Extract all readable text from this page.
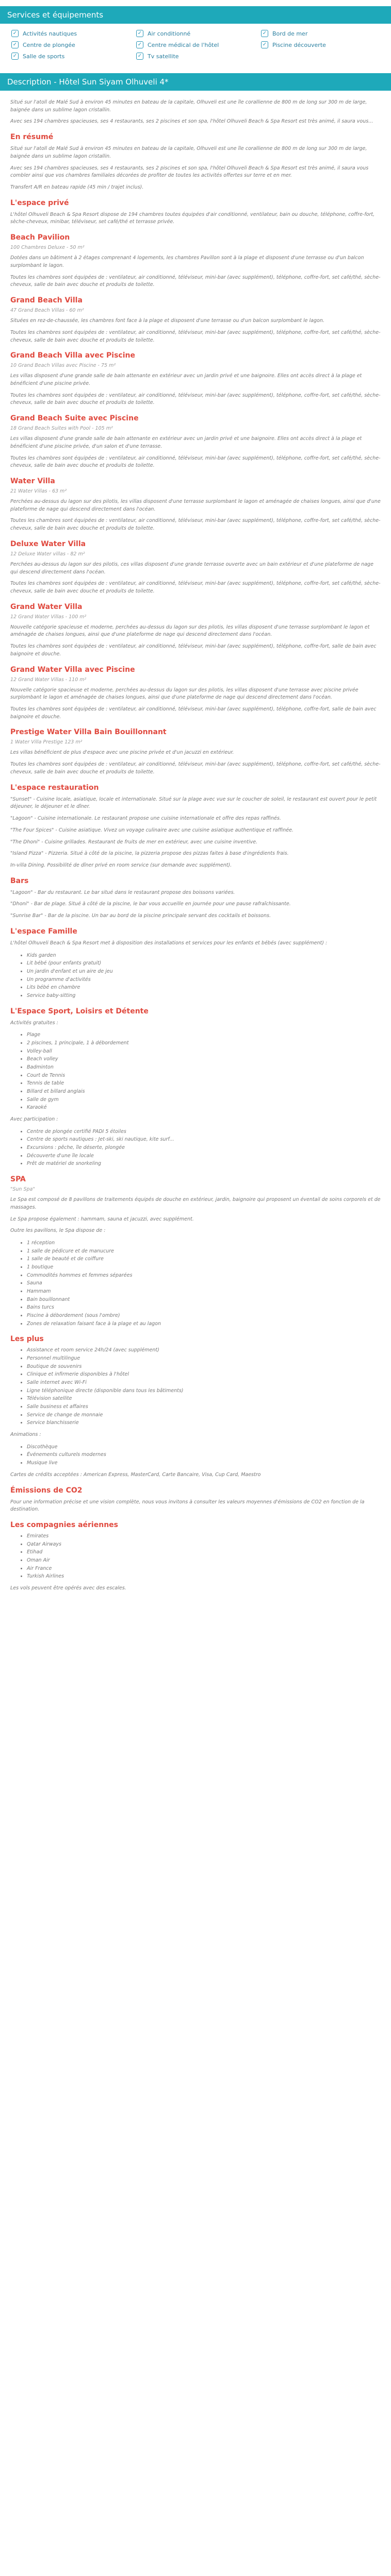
Services et équipements
✓ Activités nautiques	✓ Air conditionné	✓ Bord de mer
✓ Centre de plongée	✓ Centre médical de l'hôtel	✓ Piscine découverte
✓ Salle de sports	✓ Tv satellite
Description - Hôtel Sun Siyam Olhuveli 4*

Situé sur l'atoll de Malé Sud à environ 45 minutes en bateau de la capitale, Olhuveli est une île corallienne de 800 m de long sur 300 m de large, baignée dans un sublime lagon cristallin.

Avec ses 194 chambres spacieuses, ses 4 restaurants, ses 2 piscines et son spa, l'hôtel Olhuveli Beach & Spa Resort est très animé, il saura vous...

En résumé

Situé sur l'atoll de Malé Sud à environ 45 minutes en bateau de la capitale, Olhuveli est une île corallienne de 800 m de long sur 300 m de large, baignée dans un sublime lagon cristallin.

Avec ses 194 chambres spacieuses, ses 4 restaurants, ses 2 piscines et son spa, l'hôtel Olhuveli Beach & Spa Resort est très animé, il saura vous combler ainsi que vos chambres familiales décorées de profiter de toutes les activités offertes sur terre et en mer.

Transfert A/R en bateau rapide (45 min / trajet inclus).

L'espace privé

L'hôtel Olhuveli Beach & Spa Resort dispose de 194 chambres toutes équipées d'air conditionné, ventilateur, bain ou douche, téléphone, coffre-fort, sèche-cheveux, minibar, téléviseur, set café/thé et terrasse privée.

Beach Pavilion
100 Chambres Deluxe - 50 m²

Dotées dans un bâtiment à 2 étages comprenant 4 logements, les chambres Pavillon sont à la plage et disposent d'une terrasse ou d'un balcon surplombant le lagon.

Toutes les chambres sont équipées de : ventilateur, air conditionné, téléviseur, mini-bar (avec supplément), téléphone, coffre-fort, set café/thé, sèche-cheveux, salle de bain avec douche et produits de toilette.

Grand Beach Villa
47 Grand Beach Villas - 60 m²

Situées en rez-de-chaussée, les chambres font face à la plage et disposent d'une terrasse ou d'un balcon surplombant le lagon.

Toutes les chambres sont équipées de : ventilateur, air conditionné, téléviseur, mini-bar (avec supplément), téléphone, coffre-fort, set café/thé, sèche-cheveux, salle de bain avec douche et produits de toilette.

Grand Beach Villa avec Piscine
10 Grand Beach Villas avec Piscine - 75 m²

Les villas disposent d'une grande salle de bain attenante en extérieur avec un jardin privé et une baignoire. Elles ont accès direct à la plage et bénéficient d'une piscine privée.

Toutes les chambres sont équipées de : ventilateur, air conditionné, téléviseur, mini-bar (avec supplément), téléphone, coffre-fort, set café/thé, sèche-cheveux, salle de bain avec douche et produits de toilette.

Grand Beach Suite avec Piscine
18 Grand Beach Suites with Pool - 105 m²

Les villas disposent d'une grande salle de bain attenante en extérieur avec un jardin privé et une baignoire. Elles ont accès direct à la plage et bénéficient d'une piscine privée, d'un salon et d'une terrasse.

Toutes les chambres sont équipées de : ventilateur, air conditionné, téléviseur, mini-bar (avec supplément), téléphone, coffre-fort, set café/thé, sèche-cheveux, salle de bain avec douche et produits de toilette.

Water Villa
21 Water Villas - 63 m²

Perchées au-dessus du lagon sur des pilotis, les villas disposent d'une terrasse surplombant le lagon et aménagée de chaises longues, ainsi que d'une plateforme de nage qui descend directement dans l'océan.

Toutes les chambres sont équipées de : ventilateur, air conditionné, téléviseur, mini-bar (avec supplément), téléphone, coffre-fort, set café/thé, sèche-cheveux, salle de bain avec douche et produits de toilette.

Deluxe Water Villa
12 Deluxe Water villas - 82 m²

Perchées au-dessus du lagon sur des pilotis, ces villas disposent d'une grande terrasse ouverte avec un bain extérieur et d'une plateforme de nage qui descend directement dans l'océan.

Toutes les chambres sont équipées de : ventilateur, air conditionné, téléviseur, mini-bar (avec supplément), téléphone, coffre-fort, set café/thé, sèche-cheveux, salle de bain avec douche et produits de toilette.

Grand Water Villa
12 Grand Water Villas - 100 m²

Nouvelle catégorie spacieuse et moderne, perchées au-dessus du lagon sur des pilotis, les villas disposent d'une terrasse surplombant le lagon et aménagée de chaises longues, ainsi que d'une plateforme de nage qui descend directement dans l'océan.

Toutes les chambres sont équipées de : ventilateur, air conditionné, téléviseur, mini-bar (avec supplément), téléphone, coffre-fort, salle de bain avec baignoire et douche.

Grand Water Villa avec Piscine
12 Grand Water Villas - 110 m²

Nouvelle catégorie spacieuse et moderne, perchées au-dessus du lagon sur des pilotis, les villas disposent d'une terrasse avec piscine privée surplombant le lagon et aménagée de chaises longues, ainsi que d'une plateforme de nage qui descend directement dans l'océan.

Toutes les chambres sont équipées de : ventilateur, air conditionné, téléviseur, mini-bar (avec supplément), téléphone, coffre-fort, salle de bain avec baignoire et douche.

Prestige Water Villa Bain Bouillonnant
1 Water Villa Prestige 123 m²

Les villas bénéficient de plus d'espace avec une piscine privée et d'un jacuzzi en extérieur.

Toutes les chambres sont équipées de : ventilateur, air conditionné, téléviseur, mini-bar (avec supplément), téléphone, coffre-fort, set café/thé, sèche-cheveux, salle de bain avec douche et produits de toilette.

L'espace restauration

"Sunset" - Cuisine locale, asiatique, locale et internationale. Situé sur la plage avec vue sur le coucher de soleil, le restaurant est ouvert pour le petit déjeuner, le déjeuner et le dîner.

"Lagoon" - Cuisine internationale. Le restaurant propose une cuisine internationale et offre des repas raffinés.

"The Four Spices" - Cuisine asiatique. Vivez un voyage culinaire avec une cuisine asiatique authentique et raffinée.

"The Dhoni" - Cuisine grillades. Restaurant de fruits de mer en extérieur, avec une cuisine inventive.

"Island Pizza" - Pizzeria. Situé à côté de la piscine, la pizzeria propose des pizzas faites à base d'ingrédients frais.

In-villa Dining. Possibilité de dîner privé en room service (sur demande avec supplément).

Bars

"Lagoon" - Bar du restaurant. Le bar situé dans le restaurant propose des boissons variées.

"Dhoni" - Bar de plage. Situé à côté de la piscine, le bar vous accueille en journée pour une pause rafraîchissante.

"Sunrise Bar" - Bar de la piscine. Un bar au bord de la piscine principale servant des cocktails et boissons.

L'espace Famille

L'hôtel Olhuveli Beach & Spa Resort met à disposition des installations et services pour les enfants et bébés (avec supplément) :

• Kids garden
• Lit bébé (pour enfants gratuit)
• Un jardin d'enfant et un aire de jeu
• Un programme d'activités
• Lits bébé en chambre
• Service baby-sitting
L'Espace Sport, Loisirs et Détente

Activités gratuites :

• Plage
• 2 piscines, 1 principale, 1 à débordement
• Volley-ball
• Beach volley
• Badminton
• Court de Tennis
• Tennis de table
• Billard et billard anglais
• Salle de gym
• Karaoké

Avec participation :

• Centre de plongée certifié PADI 5 étoiles
• Centre de sports nautiques : Jet-ski, ski nautique, kite surf...
• Excursions : pêche, île déserte, plongée
• Découverte d'une île locale
• Prêt de matériel de snorkeling
SPA
"Sun Spa"

Le Spa est composé de 8 pavillons de traitements équipés de douche en extérieur, jardin, baignoire qui proposent un éventail de soins corporels et de massages.

Le Spa propose également : hammam, sauna et jacuzzi, avec supplément.

Outre les pavillons, le Spa dispose de :

• 1 réception
• 1 salle de pédicure et de manucure
• 1 salle de beauté et de coiffure
• 1 boutique
• Commodités hommes et femmes séparées
• Sauna
• Hammam
• Bain bouillonnant
• Bains turcs
• Piscine à débordement (sous l'ombre)
• Zones de relaxation faisant face à la plage et au lagon
Les plus
• Assistance et room service 24h/24 (avec supplément)
• Personnel multilingue
• Boutique de souvenirs
• Clinique et infirmerie disponibles à l'hôtel
• Salle internet avec Wi-Fi
• Ligne téléphonique directe (disponible dans tous les bâtiments)
• Télévision satellite
• Salle business et affaires
• Service de change de monnaie
• Service blanchisserie

Animations :

• Discothèque
• Événements culturels modernes
• Musique live

Cartes de crédits acceptées : American Express, MasterCard, Carte Bancaire, Visa, Cup Card, Maestro

Émissions de CO2

Pour une information précise et une vision complète, nous vous invitons à consulter les valeurs moyennes d'émissions de CO2 en fonction de la destination.

Les compagnies aériennes
• Emirates
• Qatar Airways
• Etihad
• Oman Air
• Air France
• Turkish Airlines

Les vols peuvent être opérés avec des escales.
